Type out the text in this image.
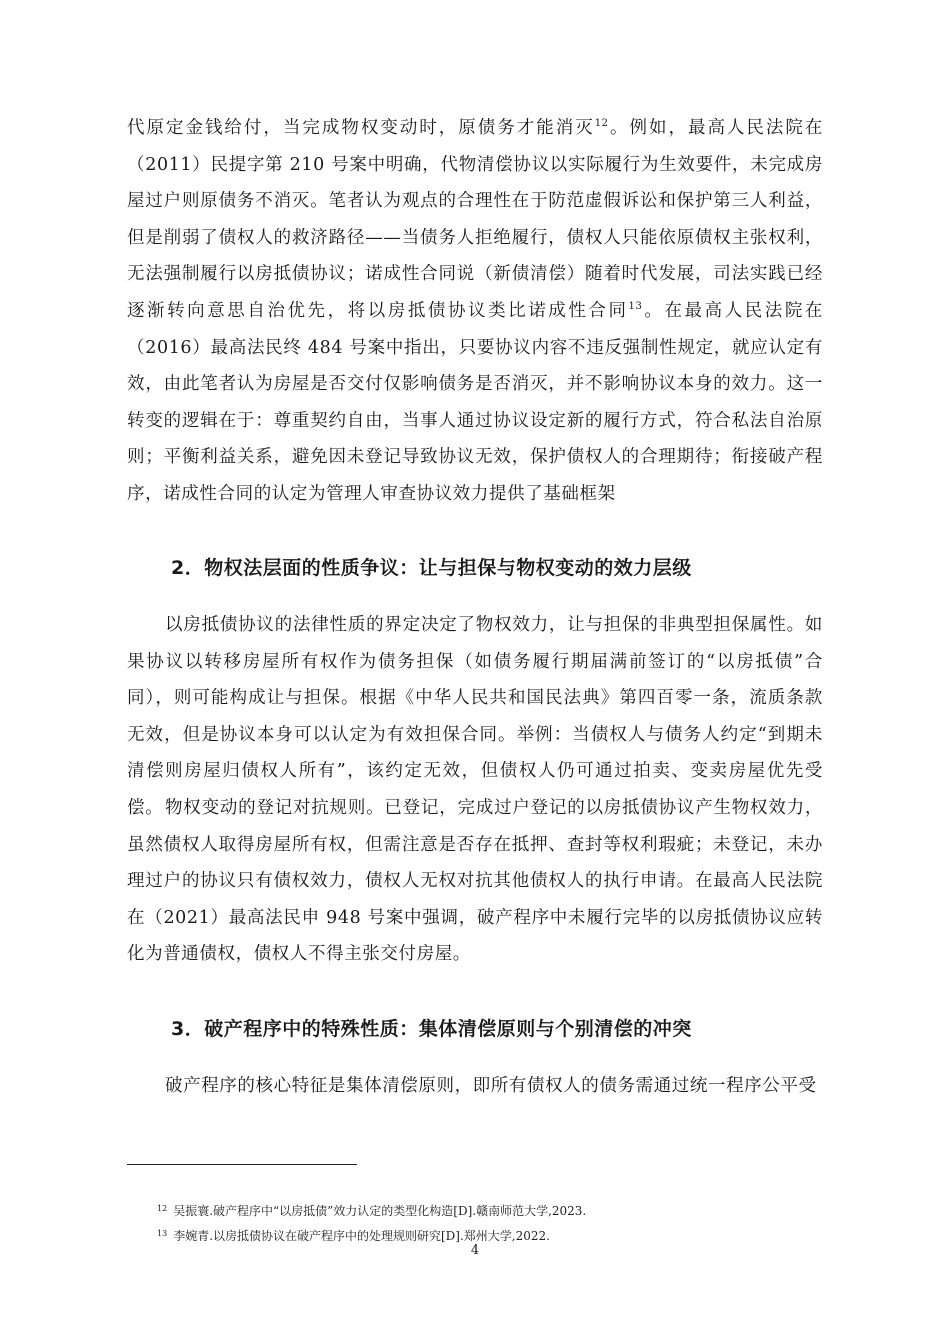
代原定金钱给付，当完成物权变动时，原债务才能消灭$^{12}$。例如，最高人民法院在（2011）民提字第 210 号案中明确，代物清偿协议以实际履行为生效要件，未完成房屋过户则原债务不消灭。笔者认为观点的合理性在于防范虚假诉讼和保护第三人利益，但是削弱了债权人的救济路径——当债务人拒绝履行，债权人只能依原债权主张权利，无法强制履行以房抵债协议；诺成性合同说（新债清偿）随着时代发展，司法实践已经逐渐转向意思自治优先，将以房抵债协议类比诺成性合同$^{13}$。在最高人民法院在（2016）最高法民终 484 号案中指出，只要协议内容不违反强制性规定，就应认定有效，由此笔者认为房屋是否交付仅影响债务是否消灭，并不影响协议本身的效力。这一转变的逻辑在于：尊重契约自由，当事人通过协议设定新的履行方式，符合私法自治原则；平衡利益关系，避免因未登记导致协议无效，保护债权人的合理期待；衔接破产程序，诺成性合同的认定为管理人审查协议效力提供了基础框架

2．物权法层面的性质争议：让与担保与物权变动的效力层级

以房抵债协议的法律性质的界定决定了物权效力，让与担保的非典型担保属性。如果协议以转移房屋所有权作为债务担保（如债务履行期届满前签订的“以房抵债”合同），则可能构成让与担保。根据《中华人民共和国民法典》第四百零一条，流质条款无效，但是协议本身可以认定为有效担保合同。举例：当债权人与债务人约定“到期未清偿则房屋归债权人所有”，该约定无效，但债权人仍可通过拍卖、变卖房屋优先受偿。 物权变动的登记对抗规则。已登记，完成过户登记的以房抵债协议产生物权效力，虽然债权人取得房屋所有权，但需注意是否存在抵押、查封等权利瑕疵；未登记，未办理过户的协议只有债权效力，债权人无权对抗其他债权人的执行申请。在最高人民法院在（2021）最高法民申 948 号案中强调，破产程序中未履行完毕的以房抵债协议应转化为普通债权，债权人不得主张交付房屋。

3．破产程序中的特殊性质：集体清偿原则与个别清偿的冲突

破产程序的核心特征是集体清偿原则，即所有债权人的债务需通过统一程序公平受

$^{12}$ 吴振寰.破产程序中“以房抵债”效力认定的类型化构造[D].赣南师范大学,2023.

$^{13}$ 李婉青.以房抵债协议在破产程序中的处理规则研究[D].郑州大学,2022.

4
